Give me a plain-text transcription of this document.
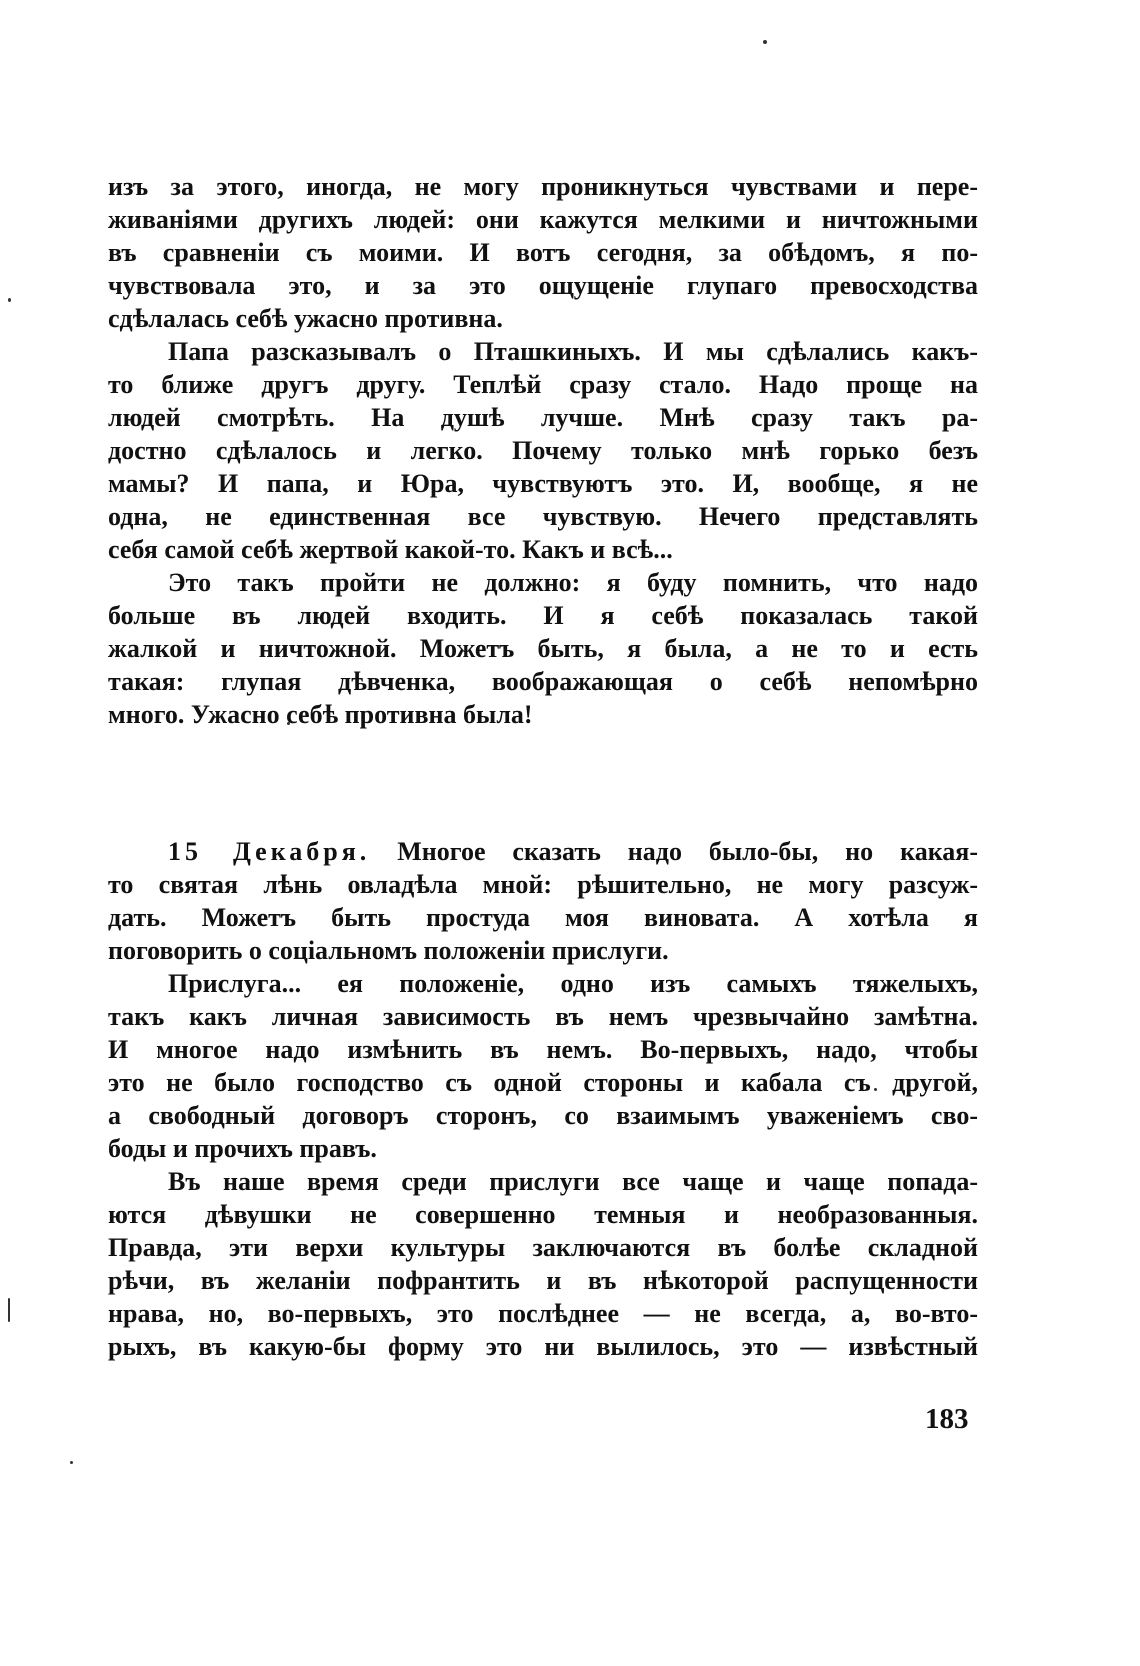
изъ за этого, иногда, не могу проникнуться чувствами и пере-
живаніями другихъ людей: они кажутся мелкими и ничтожными
въ сравненіи съ моими. И вотъ сегодня, за обѣдомъ, я по-
чувствовала это, и за это ощущеніе глупаго превосходства
сдѣлалась себѣ ужасно противна.
Папа разсказывалъ о Пташкиныхъ. И мы сдѣлались какъ-
то ближе другъ другу. Теплѣй сразу стало. Надо проще на
людей смотрѣть. На душѣ лучше. Мнѣ сразу такъ ра-
достно сдѣлалось и легко. Почему только мнѣ горько безъ
мамы? И папа, и Юра, чувствуютъ это. И, вообще, я не
одна, не единственная все чувствую. Нечего представлять
себя самой себѣ жертвой какой-то. Какъ и всѣ...
Это такъ пройти не должно: я буду помнить, что надо
больше въ людей входить. И я себѣ показалась такой
жалкой и ничтожной. Можетъ быть, я была, а не то и есть
такая: глупая дѣвченка, воображающая о себѣ непомѣрно
много. Ужасно себѣ противна была!
15 Декабря. Многое сказать надо было-бы, но какая-
то святая лѣнь овладѣла мной: рѣшительно, не могу разсуж-
дать. Можетъ быть простуда моя виновата. А хотѣла я
поговорить о соціальномъ положеніи прислуги.
Прислуга... ея положеніе, одно изъ самыхъ тяжелыхъ,
такъ какъ личная зависимость въ немъ чрезвычайно замѣтна.
И многое надо измѣнить въ немъ. Во-первыхъ, надо, чтобы
это не было господство съ одной стороны и кабала съ другой,
а свободный договоръ сторонъ, со взаимымъ уваженіемъ сво-
боды и прочихъ правъ.
Въ наше время среди прислуги все чаще и чаще попада-
ются дѣвушки не совершенно темныя и необразованныя.
Правда, эти верхи культуры заключаются въ болѣе складной
рѣчи, въ желаніи пофрантить и въ нѣкоторой распущенности
нрава, но, во-первыхъ, это послѣднее — не всегда, а, во-вто-
рыхъ, въ какую-бы форму это ни вылилось, это — извѣстный
183
